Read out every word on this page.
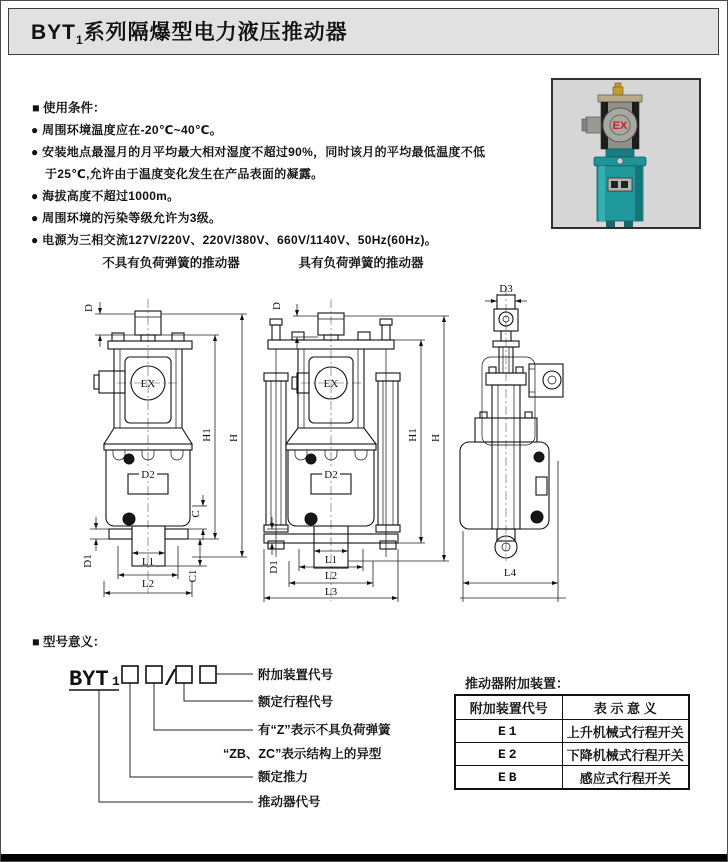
$BYT_1$系列隔爆型电力液压推动器
EX
■ 使用条件：
● 周围环境温度应在-20℃~40℃。
● 安装地点最湿月的月平均最大相对湿度不超过90%，同时该月的平均最低温度不低
于25℃,允许由于温度变化发生在产品表面的凝露。
● 海拔高度不超过1000m。
● 周围环境的污染等级允许为3级。
● 电源为三相交流127V/220V、220V/380V、660V/1140V、50Hz(60Hz)。
不具有负荷弹簧的推动器	具有负荷弹簧的推动器
EX
D2
D
H1 H
C
C1
D1	L1
L2
EX
D2
D
H1 H
D1
L1
L2
L3
D3
L4
■ 型号意义：
BYT 1 /	附加装置代号
额定行程代号
有“Z”表示不具负荷弹簧
“ZB、ZC”表示结构上的异型
额定推力
推动器代号
推动器附加装置：
附加装置代号	表 示 意 义
E1	上升机械式行程开关
E2	下降机械式行程开关
EB	感应式行程开关
